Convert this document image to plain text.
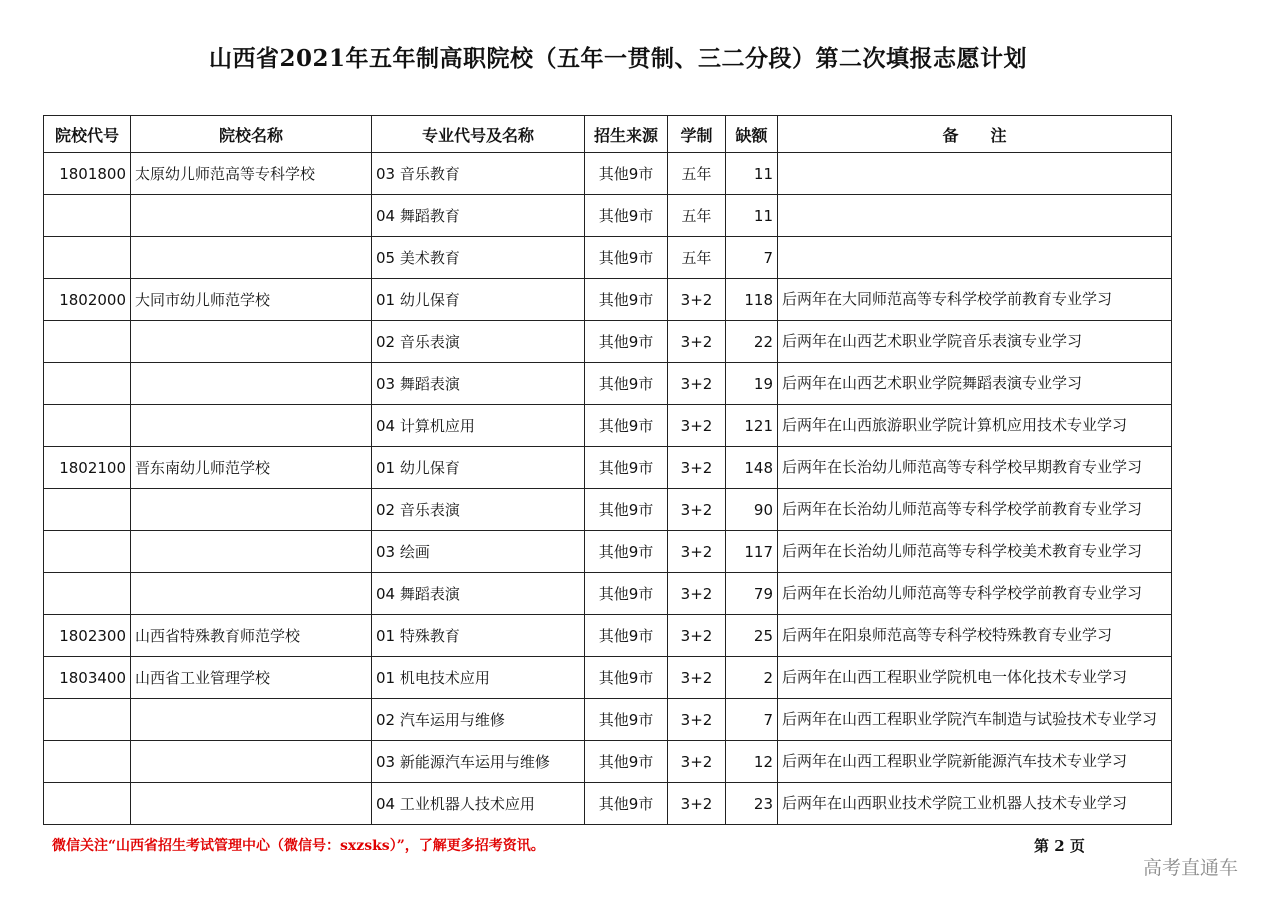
山西省2021年五年制高职院校（五年一贯制、三二分段）第二次填报志愿计划
院校代号	院校名称	专业代号及名称	招生来源	学制	缺额	备　　注
1801800	太原幼儿师范高等专科学校	03 音乐教育	其他9市	五年	11	
		04 舞蹈教育	其他9市	五年	11	
		05 美术教育	其他9市	五年	7	
1802000	大同市幼儿师范学校	01 幼儿保育	其他9市	3+2	118	后两年在大同师范高等专科学校学前教育专业学习
		02 音乐表演	其他9市	3+2	22	后两年在山西艺术职业学院音乐表演专业学习
		03 舞蹈表演	其他9市	3+2	19	后两年在山西艺术职业学院舞蹈表演专业学习
		04 计算机应用	其他9市	3+2	121	后两年在山西旅游职业学院计算机应用技术专业学习
1802100	晋东南幼儿师范学校	01 幼儿保育	其他9市	3+2	148	后两年在长治幼儿师范高等专科学校早期教育专业学习
		02 音乐表演	其他9市	3+2	90	后两年在长治幼儿师范高等专科学校学前教育专业学习
		03 绘画	其他9市	3+2	117	后两年在长治幼儿师范高等专科学校美术教育专业学习
		04 舞蹈表演	其他9市	3+2	79	后两年在长治幼儿师范高等专科学校学前教育专业学习
1802300	山西省特殊教育师范学校	01 特殊教育	其他9市	3+2	25	后两年在阳泉师范高等专科学校特殊教育专业学习
1803400	山西省工业管理学校	01 机电技术应用	其他9市	3+2	2	后两年在山西工程职业学院机电一体化技术专业学习
		02 汽车运用与维修	其他9市	3+2	7	后两年在山西工程职业学院汽车制造与试验技术专业学习
		03 新能源汽车运用与维修	其他9市	3+2	12	后两年在山西工程职业学院新能源汽车技术专业学习
		04 工业机器人技术应用	其他9市	3+2	23	后两年在山西职业技术学院工业机器人技术专业学习
微信关注“山西省招生考试管理中心（微信号：sxzsks）”，了解更多招考资讯。	第 2 页
高考直通车
